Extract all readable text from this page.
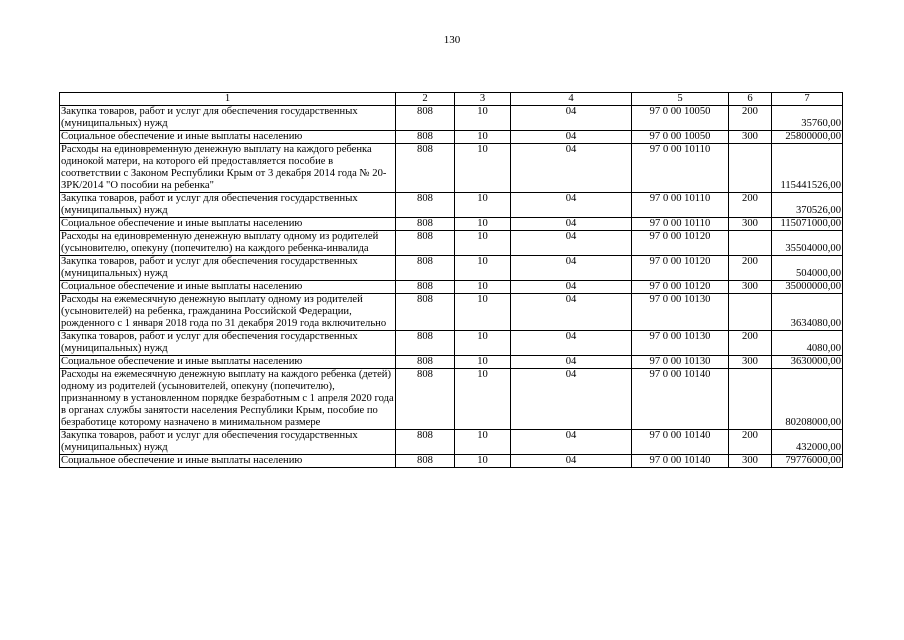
130
1	2	3	4	5	6	7
Закупка товаров, работ и услуг для обеспечения государственных (муниципальных) нужд	808	10	04	97 0 00 10050	200	35760,00
Социальное обеспечение и иные выплаты населению	808	10	04	97 0 00 10050	300	25800000,00
Расходы на единовременную денежную выплату на каждого ребенка одинокой матери, на которого ей предоставляется пособие в соответствии с Законом Республики Крым от 3 декабря 2014 года № 20-ЗРК/2014 "О пособии на ребенка"	808	10	04	97 0 00 10110		115441526,00
Закупка товаров, работ и услуг для обеспечения государственных (муниципальных) нужд	808	10	04	97 0 00 10110	200	370526,00
Социальное обеспечение и иные выплаты населению	808	10	04	97 0 00 10110	300	115071000,00
Расходы на единовременную денежную выплату одному из родителей (усыновителю, опекуну (попечителю) на каждого ребенка-инвалида	808	10	04	97 0 00 10120		35504000,00
Закупка товаров, работ и услуг для обеспечения государственных (муниципальных) нужд	808	10	04	97 0 00 10120	200	504000,00
Социальное обеспечение и иные выплаты населению	808	10	04	97 0 00 10120	300	35000000,00
Расходы на ежемесячную денежную выплату одному из родителей (усыновителей) на ребенка, гражданина Российской Федерации, рожденного с 1 января 2018 года по 31 декабря 2019 года включительно	808	10	04	97 0 00 10130		3634080,00
Закупка товаров, работ и услуг для обеспечения государственных (муниципальных) нужд	808	10	04	97 0 00 10130	200	4080,00
Социальное обеспечение и иные выплаты населению	808	10	04	97 0 00 10130	300	3630000,00
Расходы на ежемесячную денежную выплату на каждого ребенка (детей) одному из родителей (усыновителей, опекуну (попечителю), признанному в установленном порядке безработным с 1 апреля 2020 года в органах службы занятости населения Республики Крым, пособие по безработице которому назначено в минимальном размере	808	10	04	97 0 00 10140		80208000,00
Закупка товаров, работ и услуг для обеспечения государственных (муниципальных) нужд	808	10	04	97 0 00 10140	200	432000,00
Социальное обеспечение и иные выплаты населению	808	10	04	97 0 00 10140	300	79776000,00
